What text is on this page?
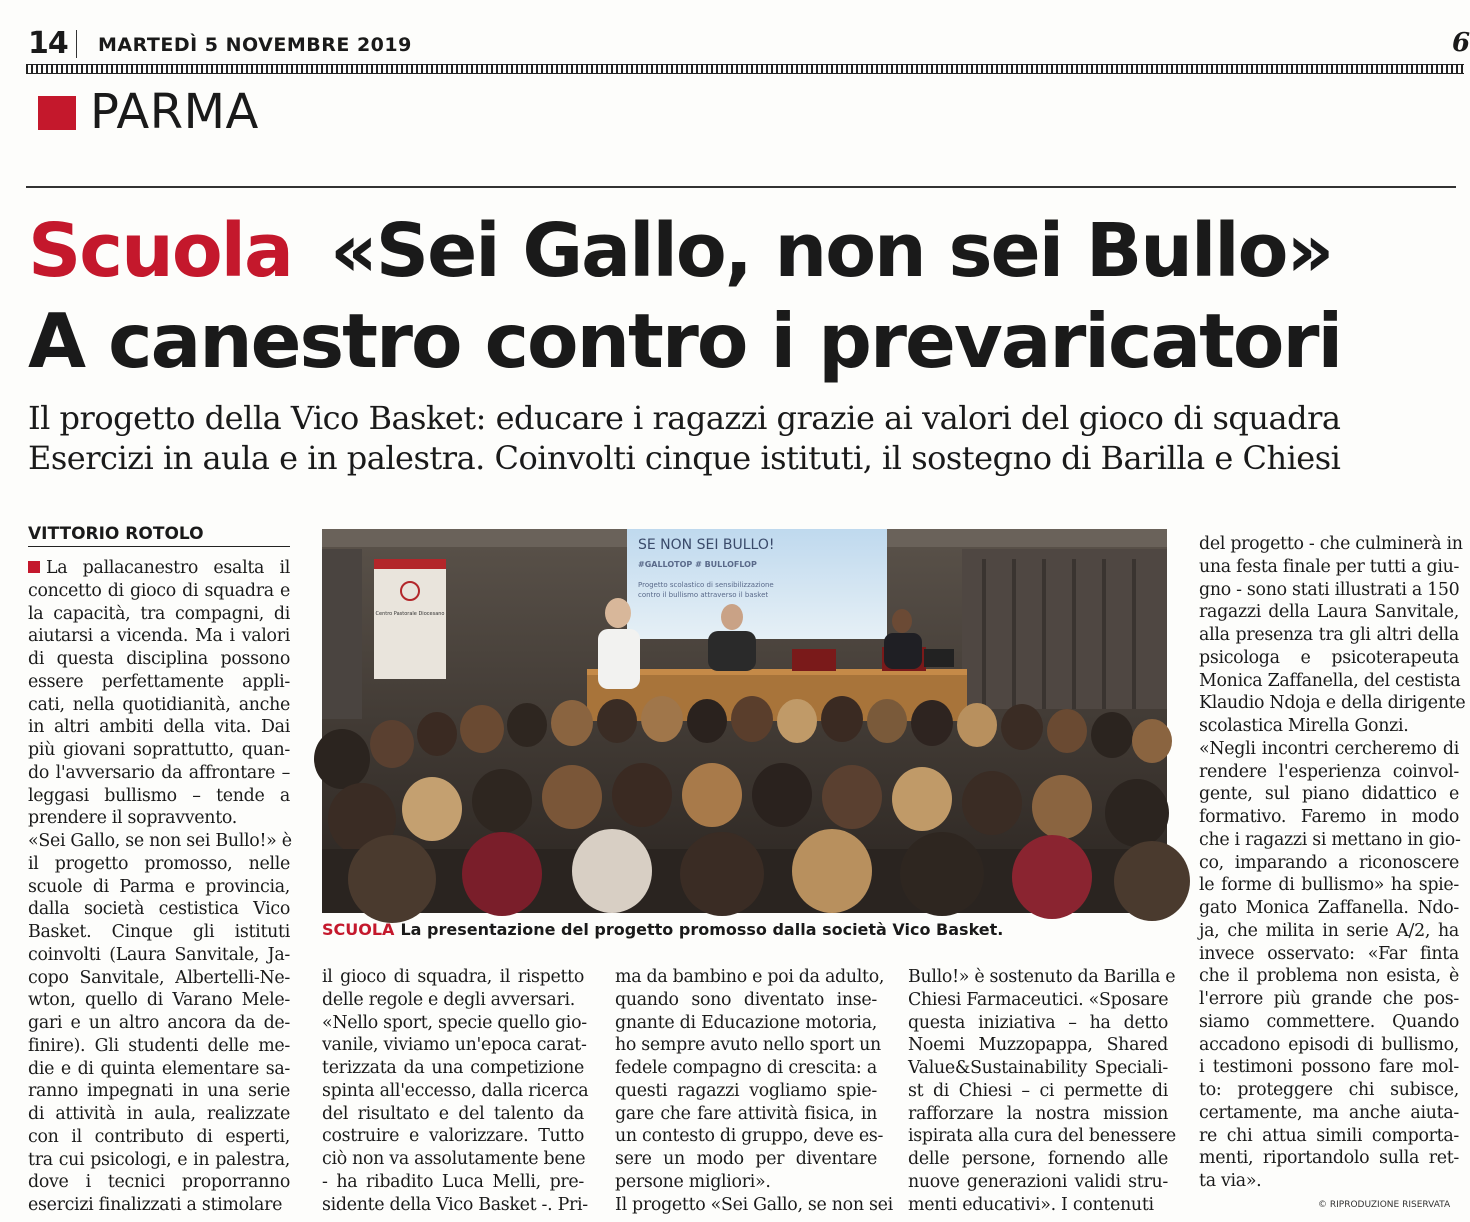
14 MARTEDÌ 5 NOVEMBRE 2019	6
PARMA
Scuola «Sei Gallo, non sei Bullo»
A canestro contro i prevaricatori
Il progetto della Vico Basket: educare i ragazzi grazie ai valori del gioco di squadra
Esercizi in aula e in palestra. Coinvolti cinque istituti, il sostegno di Barilla e Chiesi
VITTORIO ROTOLO
La pallacanestro esalta il
concetto di gioco di squadra e
la capacità, tra compagni, di
aiutarsi a vicenda. Ma i valori
di questa disciplina possono
essere perfettamente appli-
cati, nella quotidianità, anche
in altri ambiti della vita. Dai
più giovani soprattutto, quan-
do l'avversario da affrontare –
leggasi bullismo – tende a
prendere il sopravvento.
«Sei Gallo, se non sei Bullo!» è
il progetto promosso, nelle
scuole di Parma e provincia,
dalla società cestistica Vico
Basket. Cinque gli istituti
coinvolti (Laura Sanvitale, Ja-
copo Sanvitale, Albertelli-Ne-
wton, quello di Varano Mele-
gari e un altro ancora da de-
finire). Gli studenti delle me-
die e di quinta elementare sa-
ranno impegnati in una serie
di attività in aula, realizzate
con il contributo di esperti,
tra cui psicologi, e in palestra,
dove i tecnici proporranno
esercizi finalizzati a stimolare
il gioco di squadra, il rispetto
delle regole e degli avversari.
«Nello sport, specie quello gio-
vanile, viviamo un'epoca carat-
terizzata da una competizione
spinta all'eccesso, dalla ricerca
del risultato e del talento da
costruire e valorizzare. Tutto
ciò non va assolutamente bene
- ha ribadito Luca Melli, pre-
sidente della Vico Basket -. Pri-
ma da bambino e poi da adulto,
quando sono diventato inse-
gnante di Educazione motoria,
ho sempre avuto nello sport un
fedele compagno di crescita: a
questi ragazzi vogliamo spie-
gare che fare attività fisica, in
un contesto di gruppo, deve es-
sere un modo per diventare
persone migliori».
Il progetto «Sei Gallo, se non sei
Bullo!» è sostenuto da Barilla e
Chiesi Farmaceutici. «Sposare
questa iniziativa – ha detto
Noemi Muzzopappa, Shared
Value&Sustainability Speciali-
st di Chiesi – ci permette di
rafforzare la nostra mission
ispirata alla cura del benessere
delle persone, fornendo alle
nuove generazioni validi stru-
menti educativi». I contenuti
del progetto - che culminerà in
una festa finale per tutti a giu-
gno - sono stati illustrati a 150
ragazzi della Laura Sanvitale,
alla presenza tra gli altri della
psicologa e psicoterapeuta
Monica Zaffanella, del cestista
Klaudio Ndoja e della dirigente
scolastica Mirella Gonzi.
«Negli incontri cercheremo di
rendere l'esperienza coinvol-
gente, sul piano didattico e
formativo. Faremo in modo
che i ragazzi si mettano in gio-
co, imparando a riconoscere
le forme di bullismo» ha spie-
gato Monica Zaffanella. Ndo-
ja, che milita in serie A/2, ha
invece osservato: «Far finta
che il problema non esista, è
l'errore più grande che pos-
siamo commettere. Quando
accadono episodi di bullismo,
i testimoni possono fare mol-
to: proteggere chi subisce,
certamente, ma anche aiuta-
re chi attua simili comporta-
menti, riportandolo sulla ret-
ta via».
Centro Pastorale Diocesano
SE NON SEI BULLO!
#GALLOTOP # BULLOFLOP
Progetto scolastico di sensibilizzazione
contro il bullismo attraverso il basket
SCUOLA La presentazione del progetto promosso dalla società Vico Basket.
© RIPRODUZIONE RISERVATA
